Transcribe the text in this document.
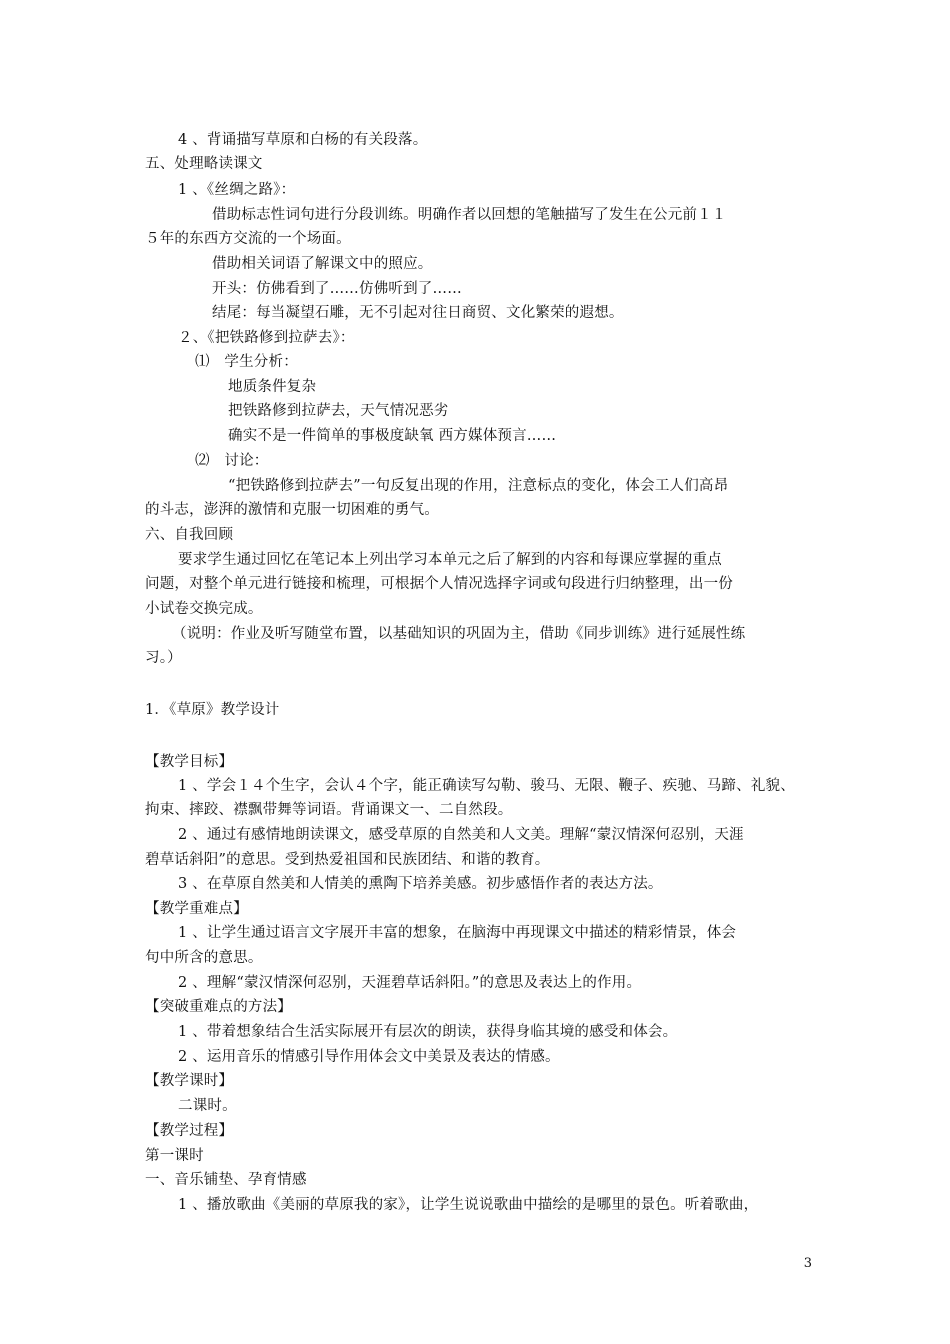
4 、背诵描写草原和白杨的有关段落。
五、处理略读课文
1 、《丝绸之路》：
借助标志性词句进行分段训练。明确作者以回想的笔触描写了发生在公元前１１
５年的东西方交流的一个场面。
借助相关词语了解课文中的照应。
开头：仿佛看到了……仿佛听到了……
结尾：每当凝望石雕，无不引起对往日商贸、文化繁荣的遐想。
２、《把铁路修到拉萨去》：
⑴　学生分析：
地质条件复杂
把铁路修到拉萨去，天气情况恶劣
确实不是一件简单的事极度缺氧 西方媒体预言……
⑵　讨论：
“把铁路修到拉萨去”一句反复出现的作用，注意标点的变化，体会工人们高昂
的斗志，澎湃的激情和克服一切困难的勇气。
六、自我回顾
要求学生通过回忆在笔记本上列出学习本单元之后了解到的内容和每课应掌握的重点
问题，对整个单元进行链接和梳理，可根据个人情况选择字词或句段进行归纳整理，出一份
小试卷交换完成。
（说明：作业及听写随堂布置，以基础知识的巩固为主，借助《同步训练》进行延展性练
习。）
1．《草原》教学设计
【教学目标】
1 、学会１４个生字，会认４个字，能正确读写勾勒、骏马、无限、鞭子、疾驰、马蹄、礼貌、
拘束、摔跤、襟飘带舞等词语。背诵课文一、二自然段。
2 、通过有感情地朗读课文，感受草原的自然美和人文美。理解“蒙汉情深何忍别，天涯
碧草话斜阳”的意思。受到热爱祖国和民族团结、和谐的教育。
3 、在草原自然美和人情美的熏陶下培养美感。初步感悟作者的表达方法。
【教学重难点】
1 、让学生通过语言文字展开丰富的想象，在脑海中再现课文中描述的精彩情景，体会
句中所含的意思。
2 、理解“蒙汉情深何忍别，天涯碧草话斜阳。”的意思及表达上的作用。
【突破重难点的方法】
1 、带着想象结合生活实际展开有层次的朗读，获得身临其境的感受和体会。
2 、运用音乐的情感引导作用体会文中美景及表达的情感。
【教学课时】
二课时。
【教学过程】
第一课时
一、音乐铺垫、孕育情感
1 、播放歌曲《美丽的草原我的家》，让学生说说歌曲中描绘的是哪里的景色。听着歌曲，
3
